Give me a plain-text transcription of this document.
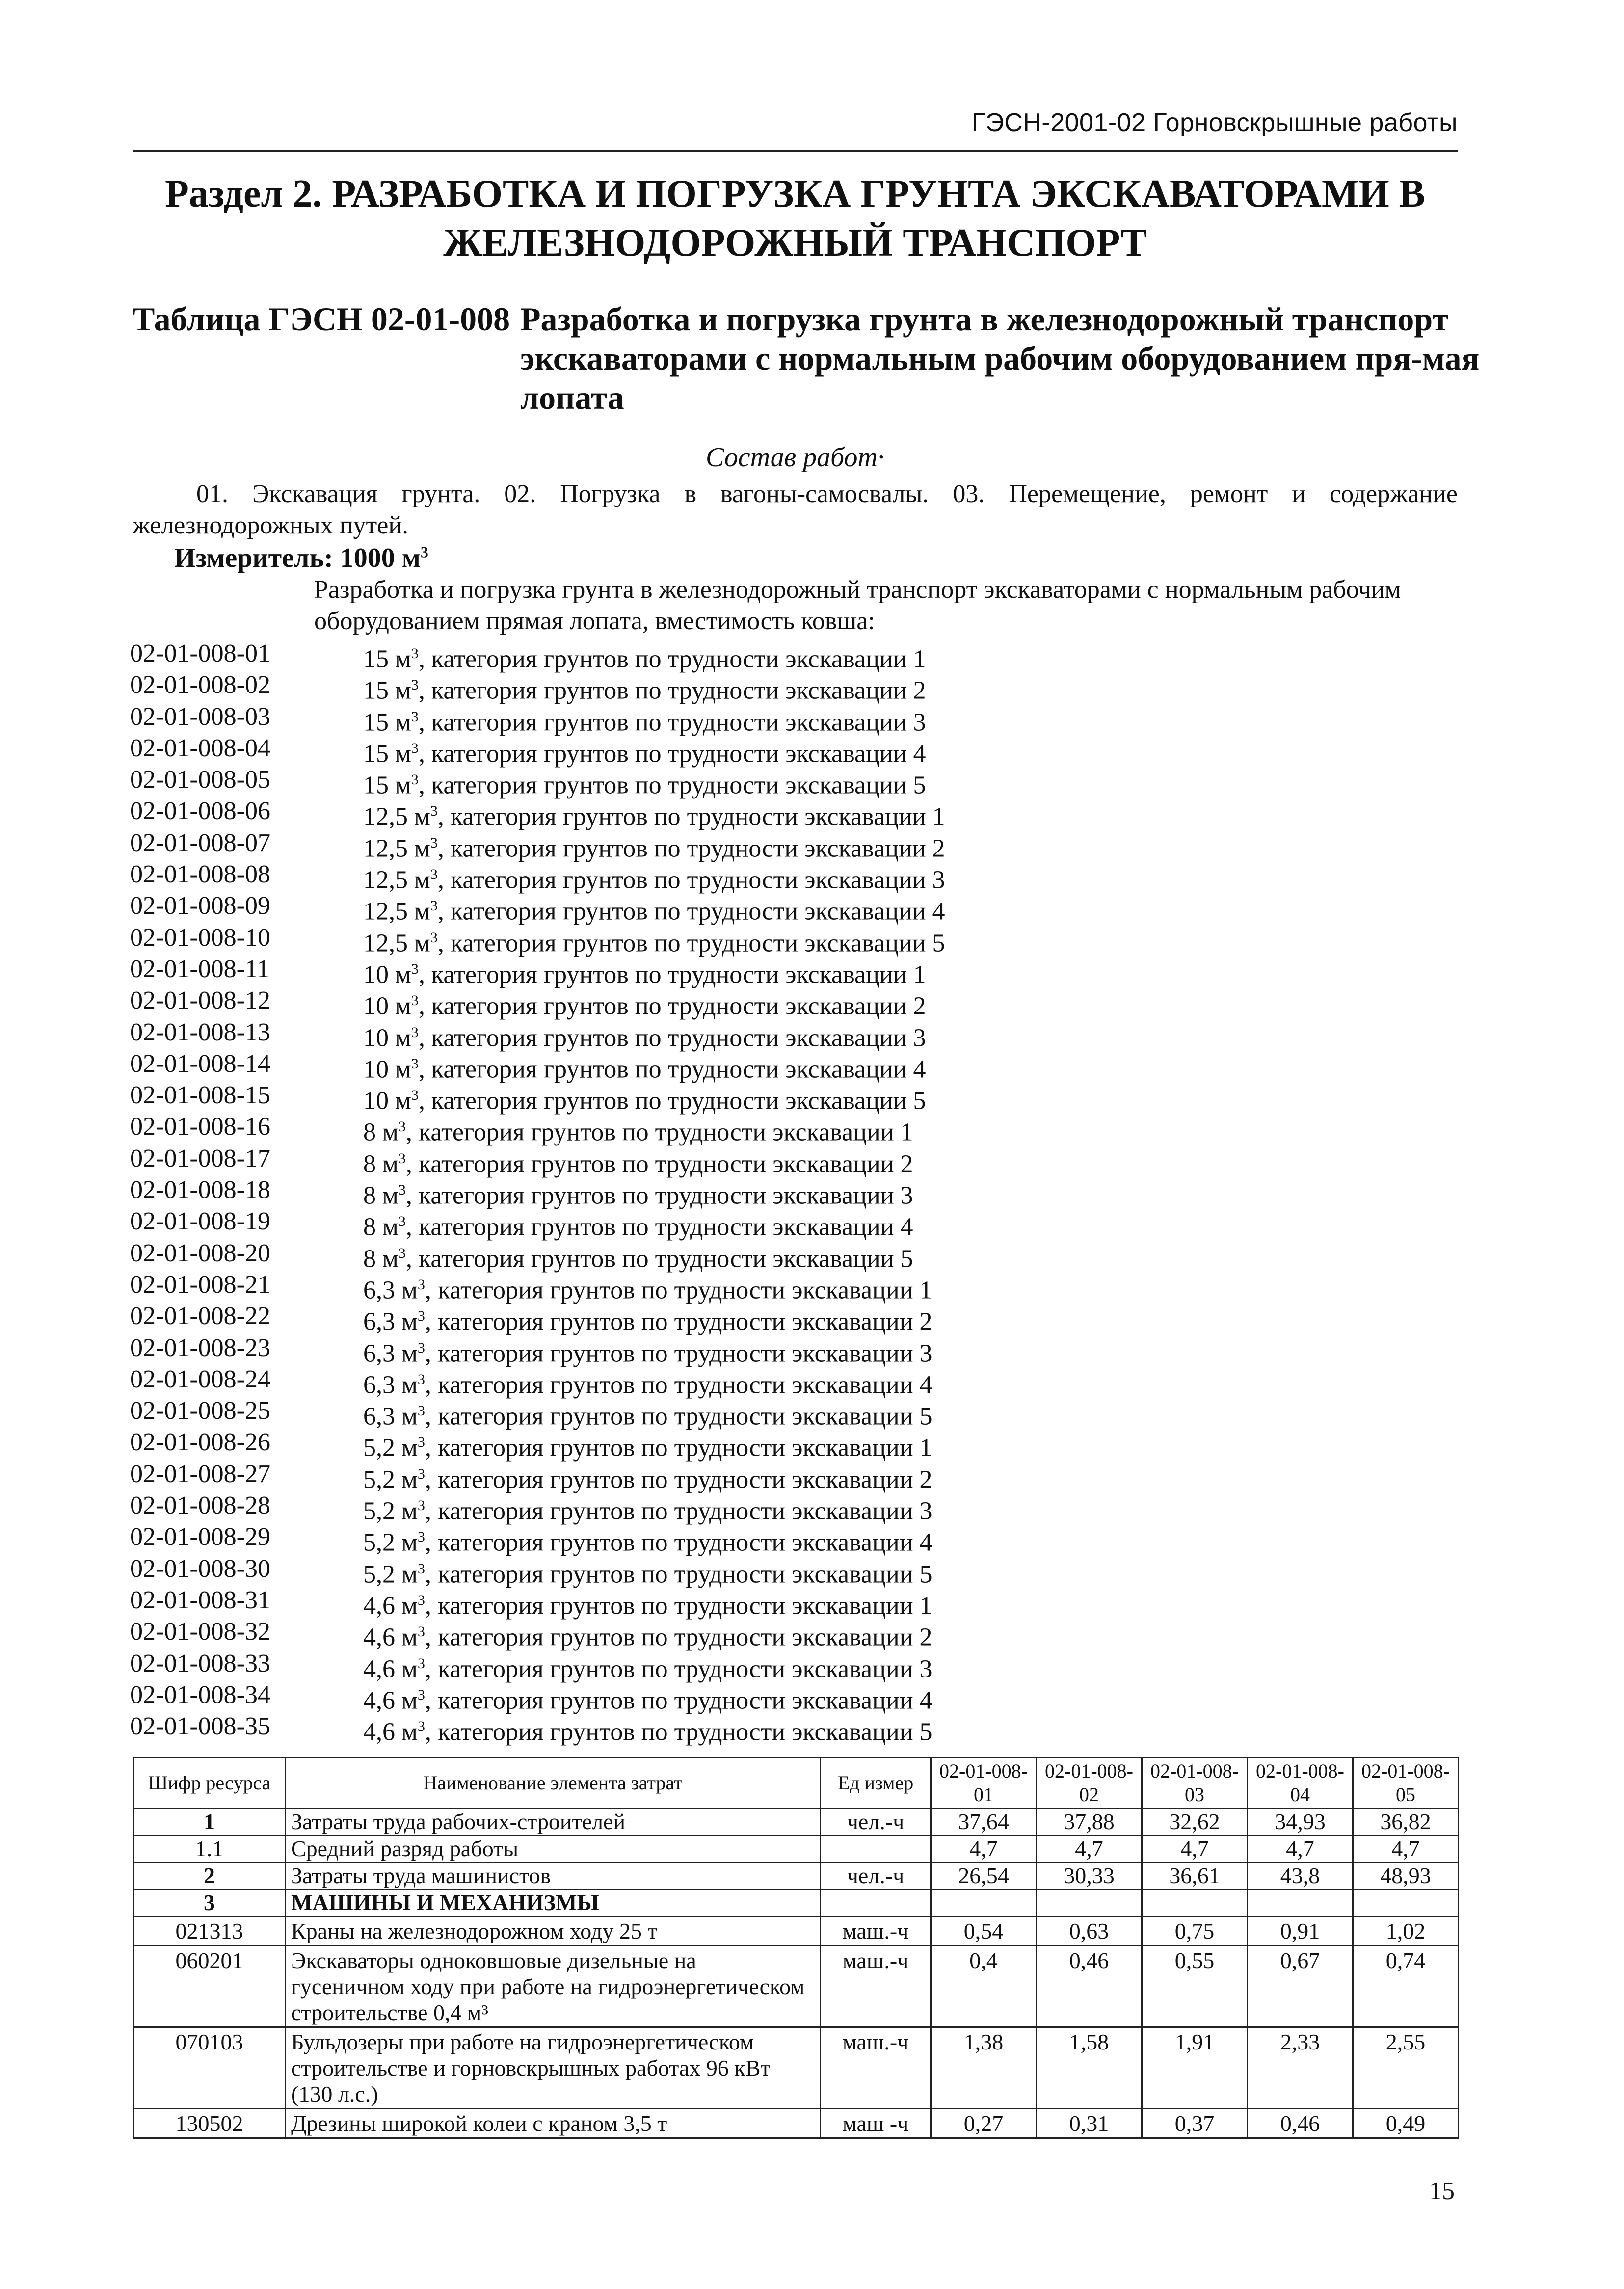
ГЭСН-2001-02 Горновскрышные работы
Раздел 2. РАЗРАБОТКА И ПОГРУЗКА ГРУНТА ЭКСКАВАТОРАМИ В
ЖЕЛЕЗНОДОРОЖНЫЙ ТРАНСПОРТ
Таблица ГЭСН 02-01-008 Разработка и погрузка грунта в железнодорожный транспорт экскаваторами с нормальным рабочим оборудованием пря-мая лопата
Состав работ·
01. Экскавация грунта. 02. Погрузка в вагоны-самосвалы. 03. Перемещение, ремонт и содержание железнодорожных путей.
Измеритель: 1000 $м^3$
Разработка и погрузка грунта в железнодорожный транспорт экскаваторами с нормальным рабочим оборудованием прямая лопата, вместимость ковша:
02-01-008-01	15 $м^3$, категория грунтов по трудности экскавации 1
02-01-008-02	15 $м^3$, категория грунтов по трудности экскавации 2
02-01-008-03	15 $м^3$, категория грунтов по трудности экскавации 3
02-01-008-04	15 $м^3$, категория грунтов по трудности экскавации 4
02-01-008-05	15 $м^3$, категория грунтов по трудности экскавации 5
02-01-008-06	12,5 $м^3$, категория грунтов по трудности экскавации 1
02-01-008-07	12,5 $м^3$, категория грунтов по трудности экскавации 2
02-01-008-08	12,5 $м^3$, категория грунтов по трудности экскавации 3
02-01-008-09	12,5 $м^3$, категория грунтов по трудности экскавации 4
02-01-008-10	12,5 $м^3$, категория грунтов по трудности экскавации 5
02-01-008-11	10 $м^3$, категория грунтов по трудности экскавации 1
02-01-008-12	10 $м^3$, категория грунтов по трудности экскавации 2
02-01-008-13	10 $м^3$, категория грунтов по трудности экскавации 3
02-01-008-14	10 $м^3$, категория грунтов по трудности экскавации 4
02-01-008-15	10 $м^3$, категория грунтов по трудности экскавации 5
02-01-008-16	8 $м^3$, категория грунтов по трудности экскавации 1
02-01-008-17	8 $м^3$, категория грунтов по трудности экскавации 2
02-01-008-18	8 $м^3$, категория грунтов по трудности экскавации 3
02-01-008-19	8 $м^3$, категория грунтов по трудности экскавации 4
02-01-008-20	8 $м^3$, категория грунтов по трудности экскавации 5
02-01-008-21	6,3 $м^3$, категория грунтов по трудности экскавации 1
02-01-008-22	6,3 $м^3$, категория грунтов по трудности экскавации 2
02-01-008-23	6,3 $м^3$, категория грунтов по трудности экскавации 3
02-01-008-24	6,3 $м^3$, категория грунтов по трудности экскавации 4
02-01-008-25	6,3 $м^3$, категория грунтов по трудности экскавации 5
02-01-008-26	5,2 $м^3$, категория грунтов по трудности экскавации 1
02-01-008-27	5,2 $м^3$, категория грунтов по трудности экскавации 2
02-01-008-28	5,2 $м^3$, категория грунтов по трудности экскавации 3
02-01-008-29	5,2 $м^3$, категория грунтов по трудности экскавации 4
02-01-008-30	5,2 $м^3$, категория грунтов по трудности экскавации 5
02-01-008-31	4,6 $м^3$, категория грунтов по трудности экскавации 1
02-01-008-32	4,6 $м^3$, категория грунтов по трудности экскавации 2
02-01-008-33	4,6 $м^3$, категория грунтов по трудности экскавации 3
02-01-008-34	4,6 $м^3$, категория грунтов по трудности экскавации 4
02-01-008-35	4,6 $м^3$, категория грунтов по трудности экскавации 5
Шифр ресурса	Наименование элемента затрат	Ед измер	02-01-008-01	02-01-008-02	02-01-008-03	02-01-008-04	02-01-008-05
1	Затраты труда рабочих-строителей	чел.-ч	37,64	37,88	32,62	34,93	36,82
1.1	Средний разряд работы		4,7	4,7	4,7	4,7	4,7
2	Затраты труда машинистов	чел.-ч	26,54	30,33	36,61	43,8	48,93
3	МАШИНЫ И МЕХАНИЗМЫ						
021313	Краны на железнодорожном ходу 25 т	маш.-ч	0,54	0,63	0,75	0,91	1,02
060201	Экскаваторы одноковшовые дизельные на гусеничном ходу при работе на гидроэнергетическом строительстве 0,4 м³	маш.-ч	0,4	0,46	0,55	0,67	0,74
070103	Бульдозеры при работе на гидроэнергетическом строительстве и горновскрышных работах 96 кВт (130 л.с.)	маш.-ч	1,38	1,58	1,91	2,33	2,55
130502	Дрезины широкой колеи с краном 3,5 т	маш -ч	0,27	0,31	0,37	0,46	0,49
15
